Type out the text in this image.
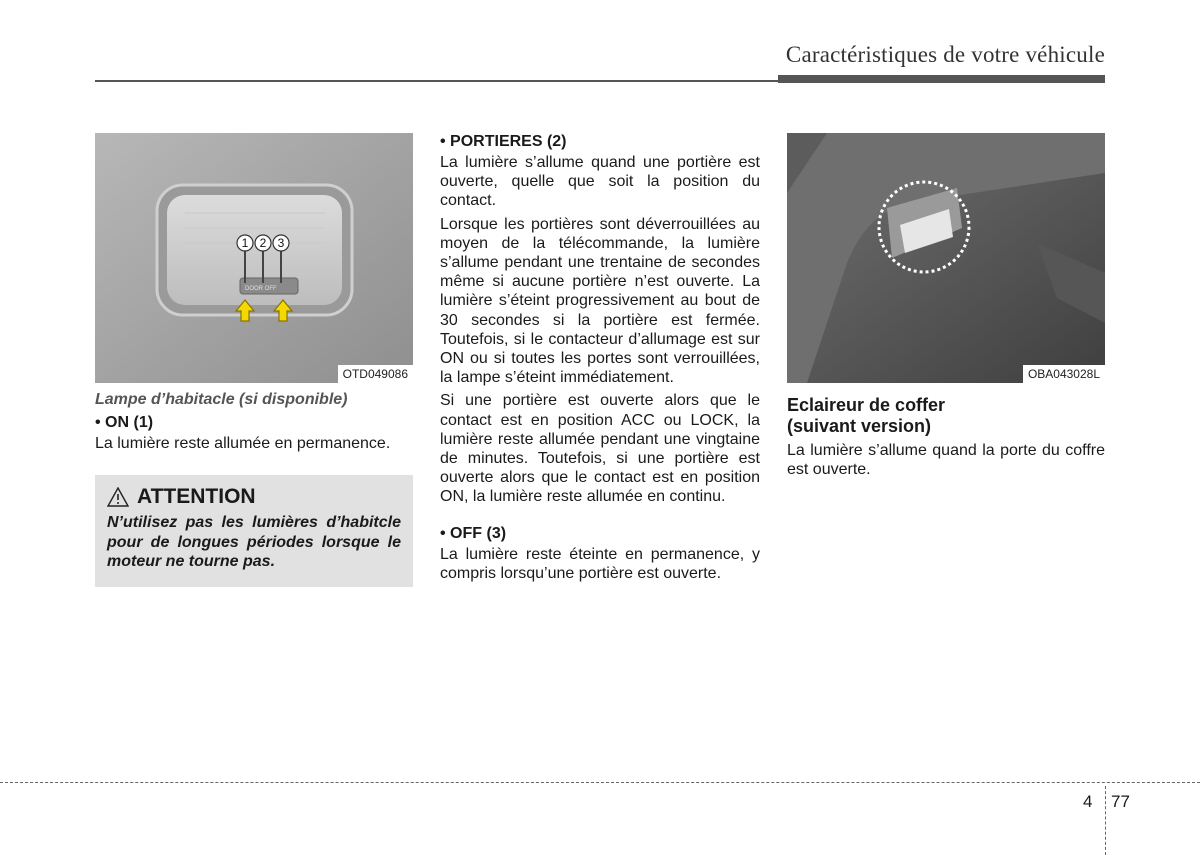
Caractéristiques de votre véhicule
DOOR OFF
1 2 3
OTD049086
Lampe d’habitacle (si disponible)
• ON (1)
La lumière reste allumée en permanence.
ATTENTION
N’utilisez pas les lumières d’habitcle pour de longues périodes lorsque le moteur ne tourne pas.
• PORTIERES (2)
La lumière s’allume quand une portière est ouverte, quelle que soit la position du contact.
Lorsque les portières sont déverrouillées au moyen de la télécommande, la lumière s’allume pendant une trentaine de secondes même si aucune portière n’est ouverte. La lumière s’éteint progressivement au bout de 30 secondes si la portière est fermée. Toutefois, si le contacteur d’allumage est sur ON ou si toutes les portes sont verrouillées, la lampe s’éteint immédiatement.
Si une portière est ouverte alors que le contact est en position ACC ou LOCK, la lumière reste allumée pendant une vingtaine de minutes. Toutefois, si une portière est ouverte alors que le contact est en position ON, la lumière reste allumée en continu.
• OFF (3)
La lumière reste éteinte en permanence, y compris lorsqu’une portière est ouverte.
OBA043028L
Eclaireur de coffer (suivant version)
La lumière s’allume quand la porte du coffre est ouverte.
4 77
